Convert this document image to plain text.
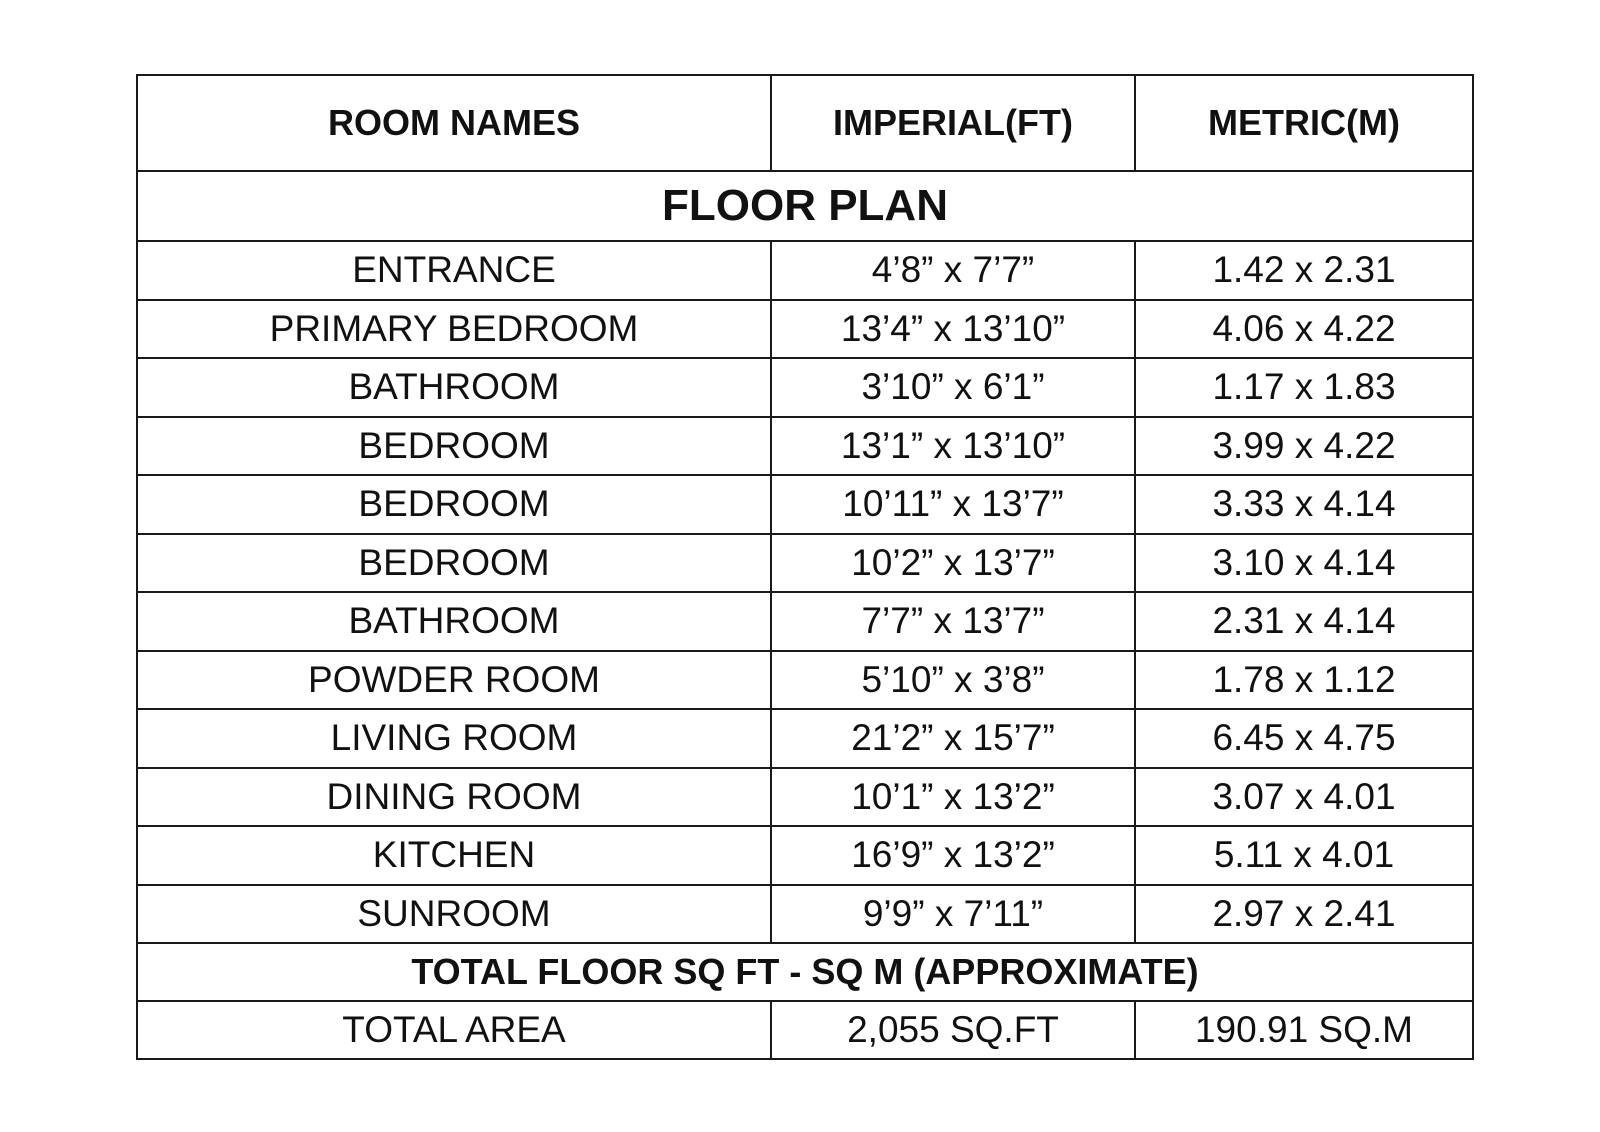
ROOM NAMES	IMPERIAL(FT)	METRIC(M)
FLOOR PLAN		
ENTRANCE	4’8” x 7’7”	1.42 x 2.31
PRIMARY BEDROOM	13’4” x 13’10”	4.06 x 4.22
BATHROOM	3’10” x 6’1”	1.17 x 1.83
BEDROOM	13’1” x 13’10”	3.99 x 4.22
BEDROOM	10’11” x 13’7”	3.33 x 4.14
BEDROOM	10’2” x 13’7”	3.10 x 4.14
BATHROOM	7’7” x 13’7”	2.31 x 4.14
POWDER ROOM	5’10” x 3’8”	1.78 x 1.12
LIVING ROOM	21’2” x 15’7”	6.45 x 4.75
DINING ROOM	10’1” x 13’2”	3.07 x 4.01
KITCHEN	16’9” x 13’2”	5.11 x 4.01
SUNROOM	9’9” x 7’11”	2.97 x 2.41
TOTAL FLOOR SQ FT - SQ M (APPROXIMATE)		
TOTAL AREA	2,055 SQ.FT	190.91 SQ.M
